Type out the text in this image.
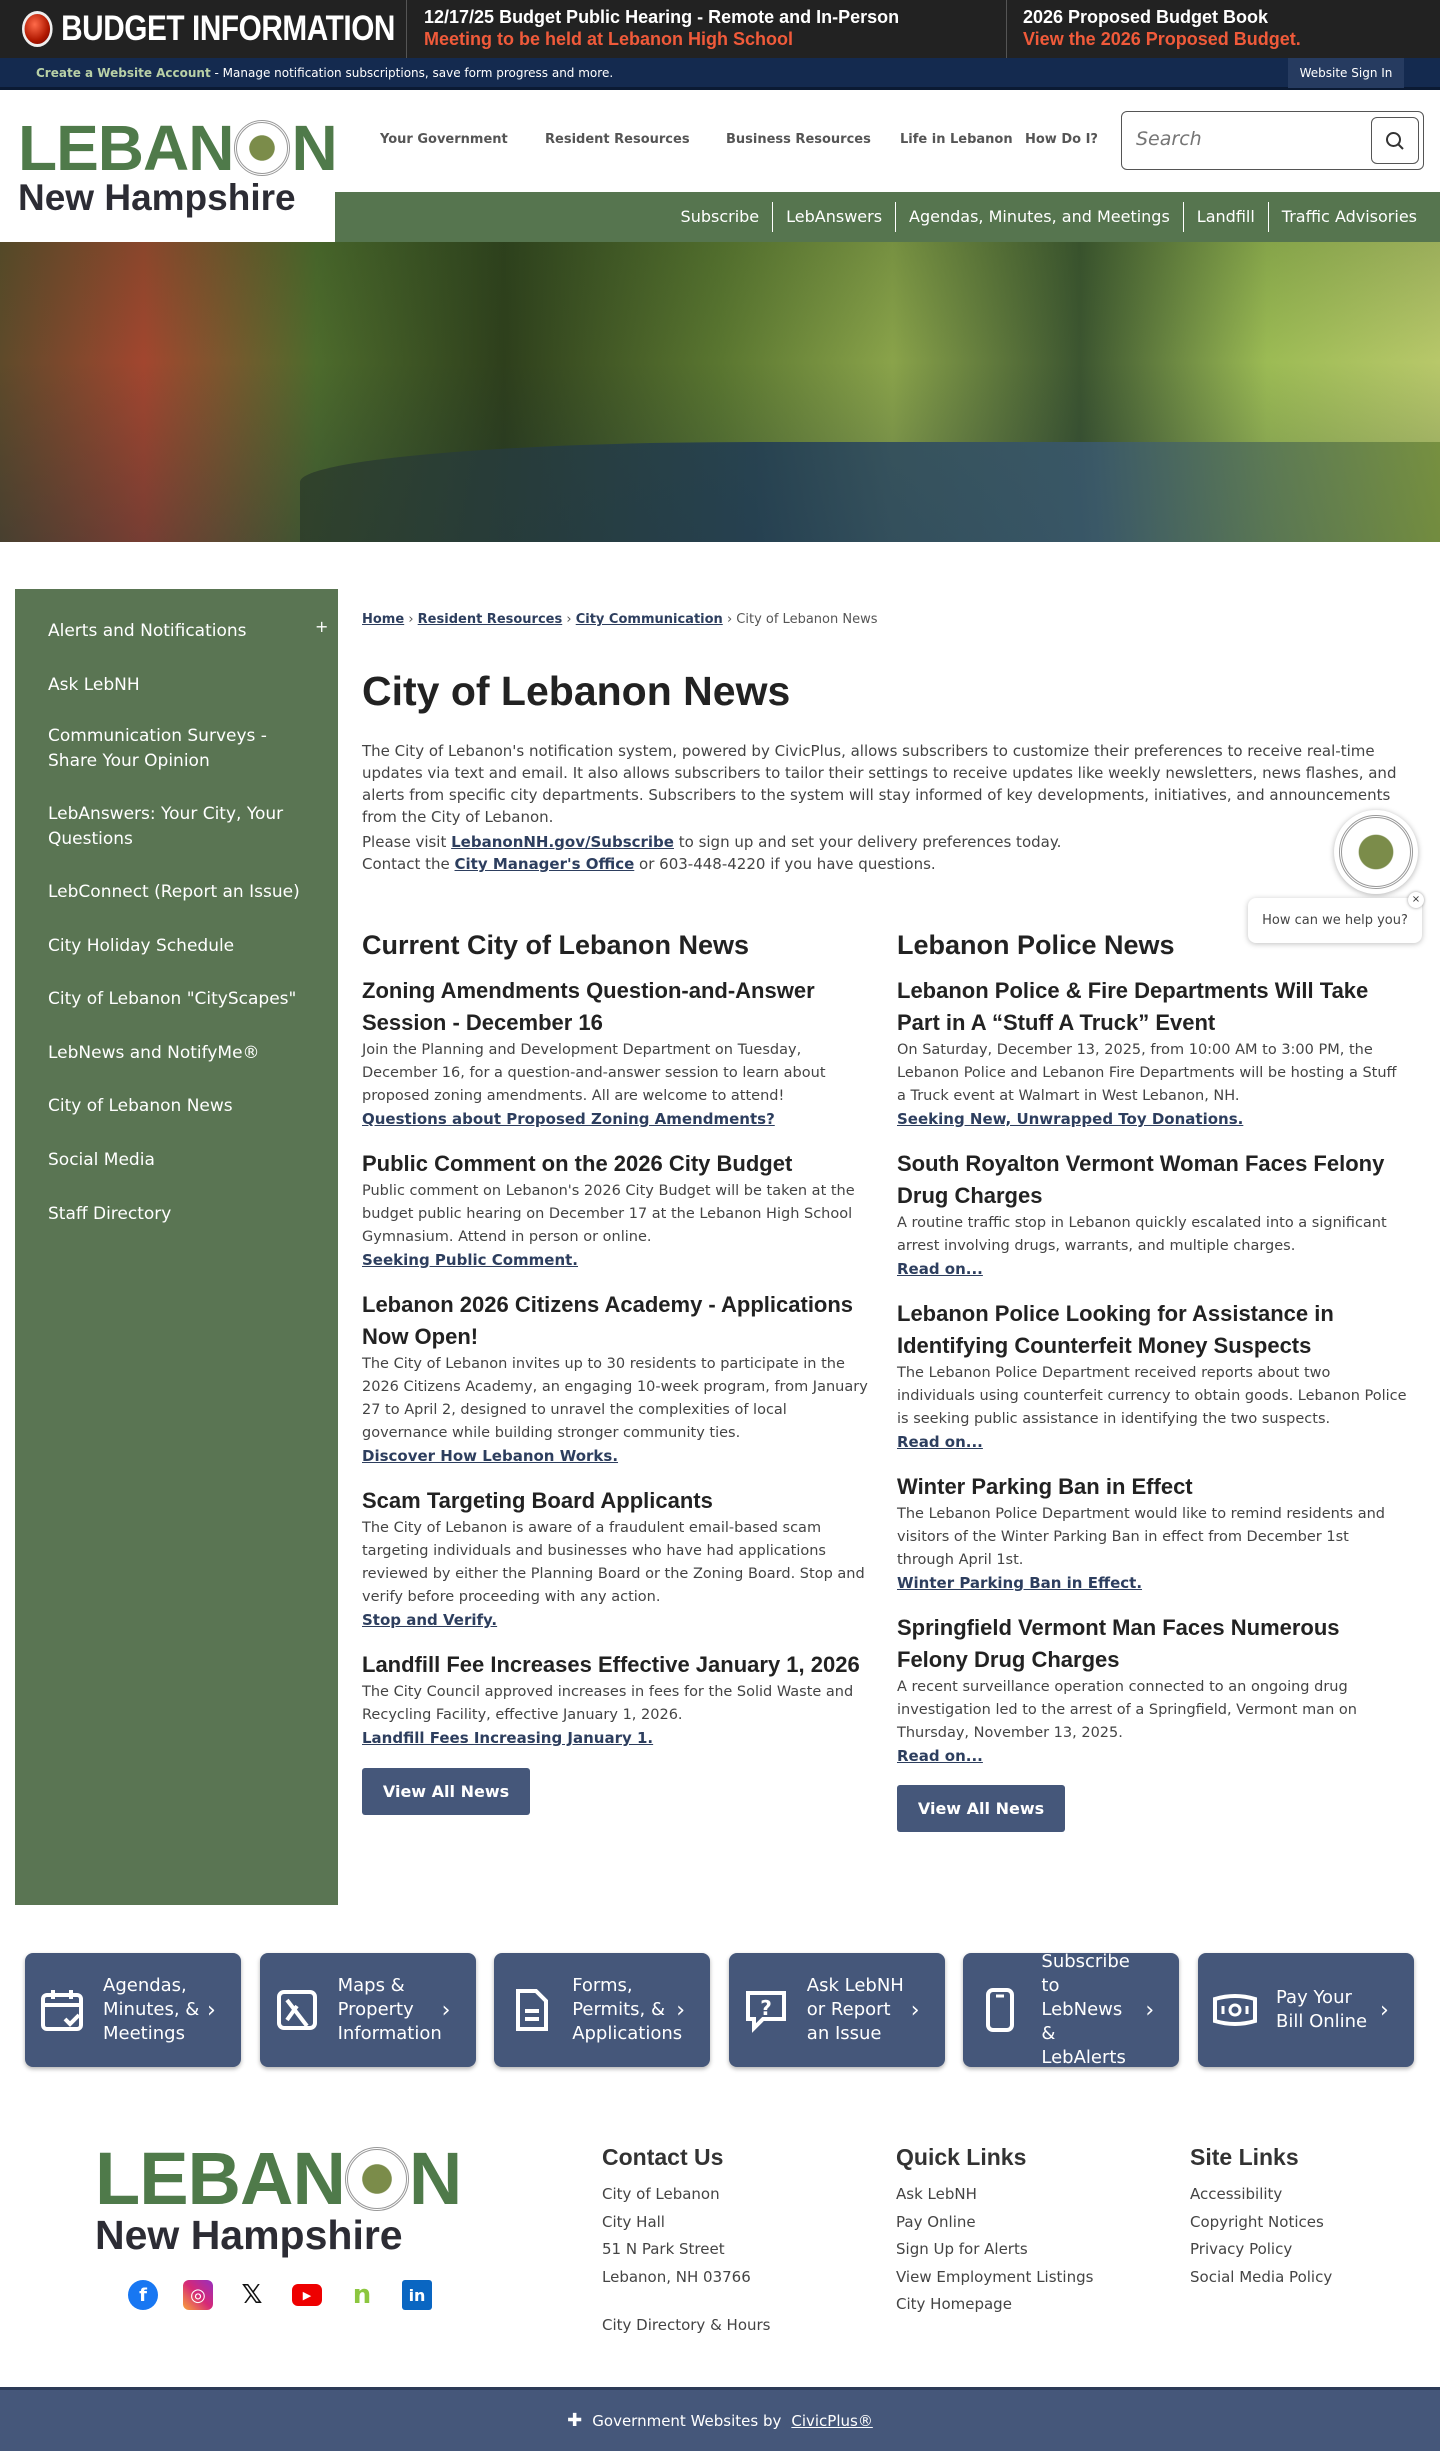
BUDGET INFORMATION 12/17/25 Budget Public Hearing - Remote and In-Person
Meeting to be held at Lebanon High School
2026 Proposed Budget Book
View the 2026 Proposed Budget.
Create a Website Account - Manage notification subscriptions, save form progress and more.	Website Sign In
LEBAN N
New Hampshire
Your Government	Resident Resources	Business Resources Life in Lebanon How Do I?
Search
Subscribe	LebAnswers	Agendas, Minutes, and Meetings	Landfill	Traffic Advisories
Alerts and Notifications	+
Ask LebNH
Communication Surveys - Share Your Opinion
LebAnswers: Your City, Your Questions
LebConnect (Report an Issue)
City Holiday Schedule
City of Lebanon "CityScapes"
LebNews and NotifyMe®
City of Lebanon News
Social Media
Staff Directory
Home › Resident Resources › City Communication › City of Lebanon News
City of Lebanon News

The City of Lebanon's notification system, powered by CivicPlus, allows subscribers to customize their preferences to receive real-time updates via text and email. It also allows subscribers to tailor their settings to receive updates like weekly newsletters, news flashes, and alerts from specific city departments. Subscribers to the system will stay informed of key developments, initiatives, and announcements from the City of Lebanon.

Please visit LebanonNH.gov/Subscribe to sign up and set your delivery preferences today.
Contact the City Manager's Office or 603-448-4220 if you have questions.
Current City of Lebanon News
Zoning Amendments Question-and-Answer Session - December 16

Join the Planning and Development Department on Tuesday, December 16, for a question-and-answer session to learn about proposed zoning amendments. All are welcome to attend!

Questions about Proposed Zoning Amendments?
Public Comment on the 2026 City Budget

Public comment on Lebanon's 2026 City Budget will be taken at the budget public hearing on December 17 at the Lebanon High School Gymnasium. Attend in person or online.

Seeking Public Comment.
Lebanon 2026 Citizens Academy - Applications Now Open!

The City of Lebanon invites up to 30 residents to participate in the 2026 Citizens Academy, an engaging 10-week program, from January 27 to April 2, designed to unravel the complexities of local governance while building stronger community ties.

Discover How Lebanon Works.
Scam Targeting Board Applicants

The City of Lebanon is aware of a fraudulent email-based scam targeting individuals and businesses who have had applications reviewed by either the Planning Board or the Zoning Board. Stop and verify before proceeding with any action.

Stop and Verify.
Landfill Fee Increases Effective January 1, 2026

The City Council approved increases in fees for the Solid Waste and Recycling Facility, effective January 1, 2026.

Landfill Fees Increasing January 1.
View All News
Lebanon Police News
Lebanon Police & Fire Departments Will Take Part in A “Stuff A Truck” Event

On Saturday, December 13, 2025, from 10:00 AM to 3:00 PM, the Lebanon Police and Lebanon Fire Departments will be hosting a Stuff a Truck event at Walmart in West Lebanon, NH.

Seeking New, Unwrapped Toy Donations.
South Royalton Vermont Woman Faces Felony Drug Charges

A routine traffic stop in Lebanon quickly escalated into a significant arrest involving drugs, warrants, and multiple charges.

Read on...
Lebanon Police Looking for Assistance in Identifying Counterfeit Money Suspects

The Lebanon Police Department received reports about two individuals using counterfeit currency to obtain goods. Lebanon Police is seeking public assistance in identifying the two suspects.

Read on...
Winter Parking Ban in Effect

The Lebanon Police Department would like to remind residents and visitors of the Winter Parking Ban in effect from December 1st through April 1st.

Winter Parking Ban in Effect.
Springfield Vermont Man Faces Numerous Felony Drug Charges

A recent surveillance operation connected to an ongoing drug investigation led to the arrest of a Springfield, Vermont man on Thursday, November 13, 2025.

Read on...
View All News
How can we help you?
×
Agendas, Minutes, & Meetings
›
Maps & Property Information
›
Forms, Permits, & Applications
›	?
Ask LebNH or Report an Issue
›
Subscribe to LebNews & LebAlerts
›	Pay Your Bill Online ›
LEBAN N
New Hampshire
f	◎ 𝕏	▶	n	in
Contact Us
City of Lebanon
City Hall
51 N Park Street
Lebanon, NH 03766
City Directory & Hours
Quick Links
Ask LebNH
Pay Online
Sign Up for Alerts
View Employment Listings
City Homepage
Site Links
Accessibility
Copyright Notices
Privacy Policy
Social Media Policy
✚ Government Websites by CivicPlus®
